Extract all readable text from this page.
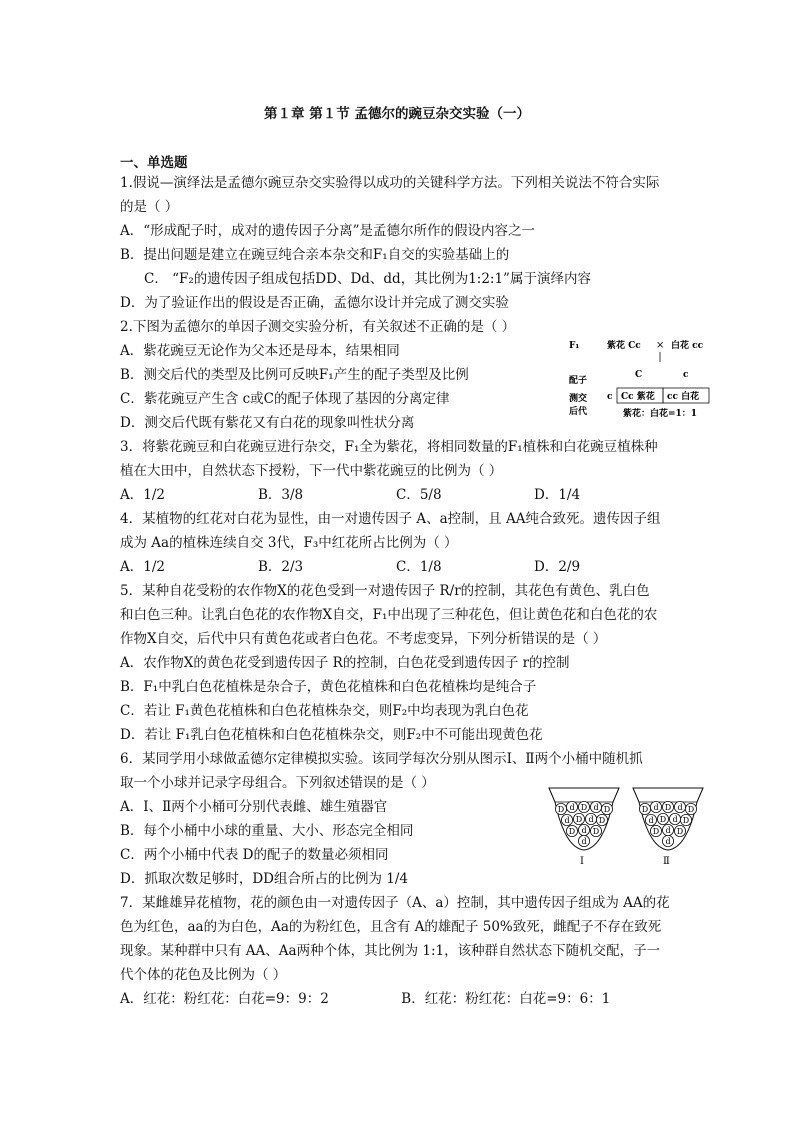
第１章 第１节 孟德尔的豌豆杂交实验（一）
一、单选题
1.假说—演绎法是孟德尔豌豆杂交实验得以成功的关键科学方法。下列相关说法不符合实际
的是（ ）
A．“形成配子时，成对的遗传因子分离”是孟德尔所作的假设内容之一
B．提出问题是建立在豌豆纯合亲本杂交和F₁自交的实验基础上的
C． “F₂的遗传因子组成包括DD、Dd、dd，其比例为1:2:1”属于演绎内容
D．为了验证作出的假设是否正确，孟德尔设计并完成了测交实验
2.下图为孟德尔的单因子测交实验分析，有关叙述不正确的是（ ）
A．紫花豌豆无论作为父本还是母本，结果相同
B．测交后代的类型及比例可反映F₁产生的配子类型及比例
C．紫花豌豆产生含 c或C的配子体现了基因的分离定律
D．测交后代既有紫花又有白花的现象叫性状分离
3．将紫花豌豆和白花豌豆进行杂交，F₁全为紫花，将相同数量的F₁植株和白花豌豆植株种
植在大田中，自然状态下授粉，下一代中紫花豌豆的比例为（ ）
A．1/2	B．3/8	C．5/8	D．1/4
4．某植物的红花对白花为显性，由一对遗传因子 A、a控制，且 AA纯合致死。遗传因子组
成为 Aa的植株连续自交 3代，F₃中红花所占比例为（ ）
A．1/2	B．2/3	C．1/8	D．2/9
5．某种自花受粉的农作物X的花色受到一对遗传因子 R/r的控制，其花色有黄色、乳白色
和白色三种。让乳白色花的农作物X自交，F₁中出现了三种花色，但让黄色花和白色花的农
作物X自交，后代中只有黄色花或者白色花。不考虑变异，下列分析错误的是（ ）
A．农作物X的黄色花受到遗传因子 R的控制，白色花受到遗传因子 r的控制
B．F₁中乳白色花植株是杂合子，黄色花植株和白色花植株均是纯合子
C．若让 F₁黄色花植株和白色花植株杂交，则F₂中均表现为乳白色花
D．若让 F₁乳白色花植株和白色花植株杂交，则F₂中不可能出现黄色花
6．某同学用小球做孟德尔定律模拟实验。该同学每次分别从图示Ⅰ、Ⅱ两个小桶中随机抓
取一个小球并记录字母组合。下列叙述错误的是（ ）
A．Ⅰ、Ⅱ两个小桶可分别代表雌、雄生殖器官
B．每个小桶中小球的重量、大小、形态完全相同
C．两个小桶中代表 D的配子的数量必须相同
D．抓取次数足够时，DD组合所占的比例为 1/4
7．某雌雄异花植物，花的颜色由一对遗传因子（A、a）控制，其中遗传因子组成为 AA的花
色为红色，aa的为白色，Aa的为粉红色，且含有 A的雄配子 50%致死，雌配子不存在致死
现象。某种群中只有 AA、Aa两种个体，其比例为 1:1，该种群自然状态下随机交配，子一
代个体的花色及比例为（ ）
A．红花：粉红花：白花=9：9：2	B．红花：粉红花：白花=9：6：1
F₁	紫花 Cc × 白花 cc
配子
C	c
c
测交
后代
Cc 紫花 cc 白花
紫花：白花=1：1
D d D d D
d D d D
D d D
d
D d D d D
d D d D
D d D
d
Ⅰ	Ⅱ
